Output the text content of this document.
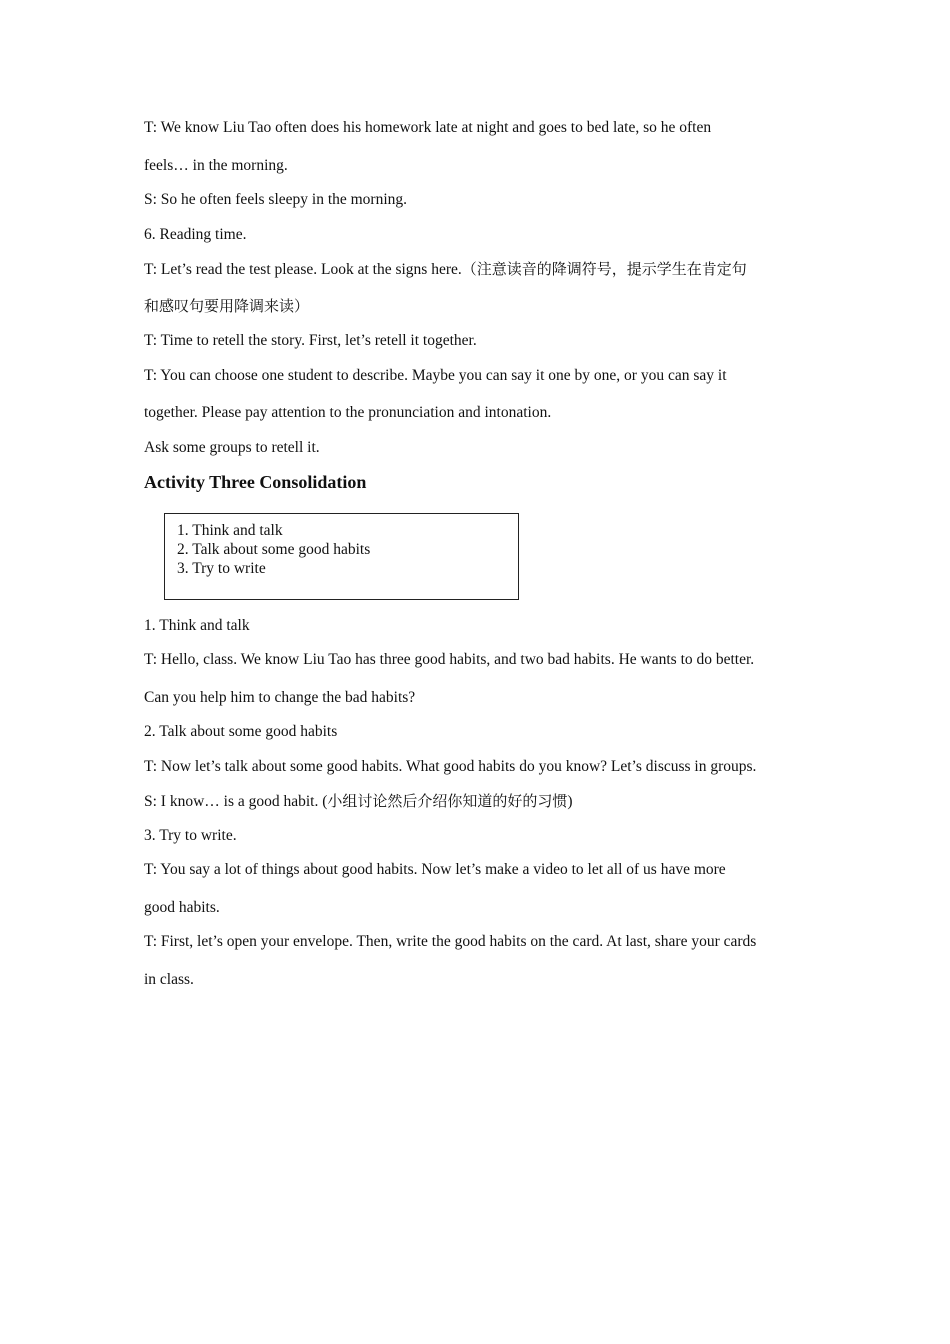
T: We know Liu Tao often does his homework late at night and goes to bed late, so he often
feels… in the morning.
S: So he often feels sleepy in the morning.
6. Reading time.
T: Let’s read the test please. Look at the signs here.（注意读音的降调符号，提示学生在肯定句
和感叹句要用降调来读）
T: Time to retell the story. First, let’s retell it together.
T: You can choose one student to describe. Maybe you can say it one by one, or you can say it
together. Please pay attention to the pronunciation and intonation.
Ask some groups to retell it.
Activity Three Consolidation
1. Think and talk
2. Talk about some good habits
3. Try to write
1. Think and talk
T: Hello, class. We know Liu Tao has three good habits, and two bad habits. He wants to do better.
Can you help him to change the bad habits?
2. Talk about some good habits
T: Now let’s talk about some good habits. What good habits do you know? Let’s discuss in groups.
S: I know… is a good habit. (小组讨论然后介绍你知道的好的习惯)
3. Try to write.
T: You say a lot of things about good habits. Now let’s make a video to let all of us have more
good habits.
T: First, let’s open your envelope. Then, write the good habits on the card. At last, share your cards
in class.
